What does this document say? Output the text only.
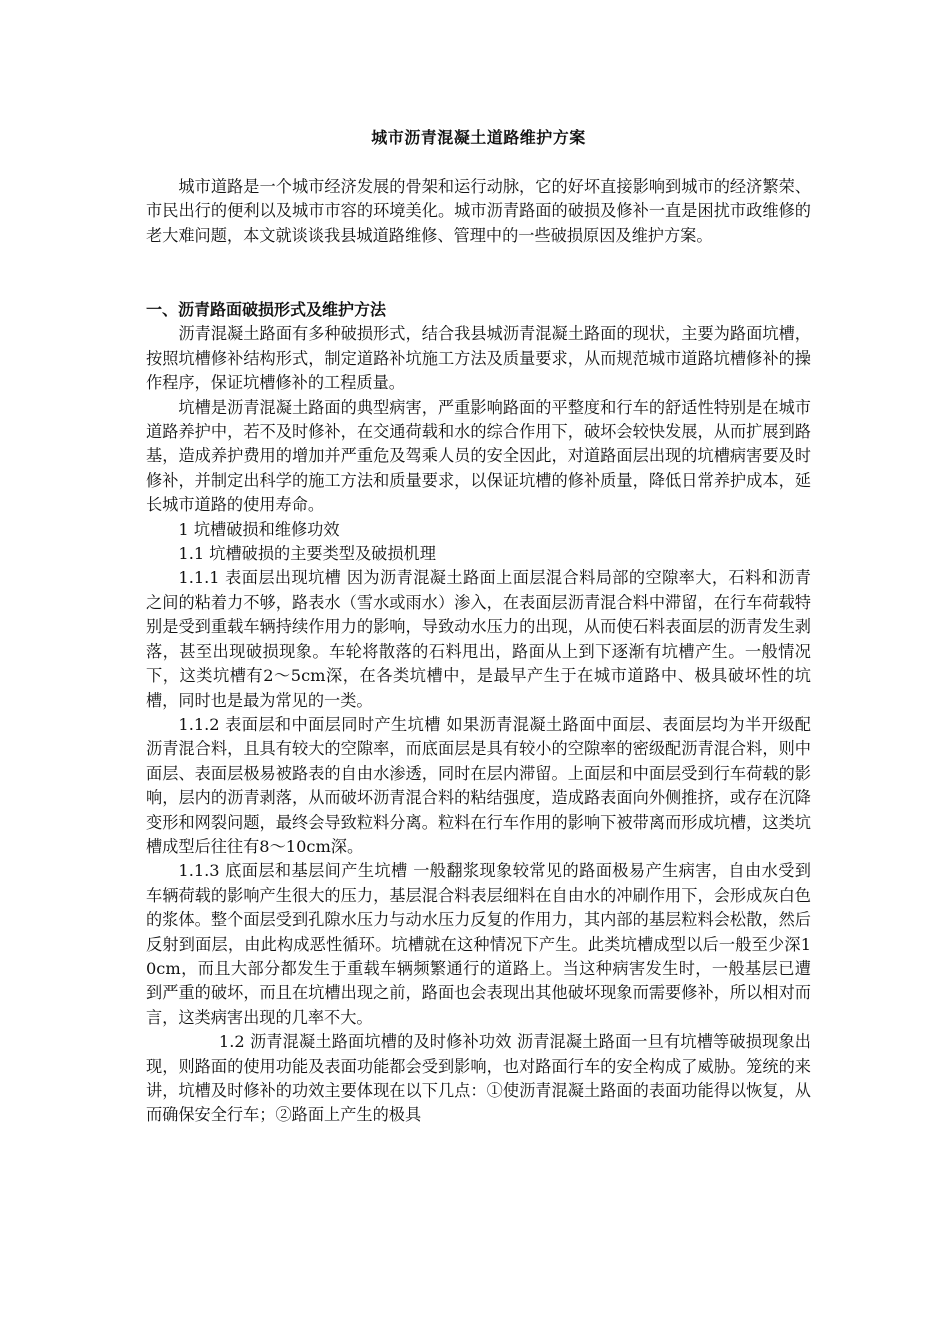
城市沥青混凝土道路维护方案

城市道路是一个城市经济发展的骨架和运行动脉，它的好坏直接影响到城市的经济繁荣、市民出行的便利以及城市市容的环境美化。城市沥青路面的破损及修补一直是困扰市政维修的老大难问题，本文就谈谈我县城道路维修、管理中的一些破损原因及维护方案。

一、沥青路面破损形式及维护方法

沥青混凝土路面有多种破损形式，结合我县城沥青混凝土路面的现状，主要为路面坑槽，按照坑槽修补结构形式，制定道路补坑施工方法及质量要求，从而规范城市道路坑槽修补的操作程序，保证坑槽修补的工程质量。

坑槽是沥青混凝土路面的典型病害，严重影响路面的平整度和行车的舒适性特别是在城市道路养护中，若不及时修补，在交通荷载和水的综合作用下，破坏会较快发展，从而扩展到路基，造成养护费用的增加并严重危及驾乘人员的安全因此，对道路面层出现的坑槽病害要及时修补，并制定出科学的施工方法和质量要求，以保证坑槽的修补质量，降低日常养护成本，延长城市道路的使用寿命。

1 坑槽破损和维修功效

1.1 坑槽破损的主要类型及破损机理

1.1.1 表面层出现坑槽 因为沥青混凝土路面上面层混合料局部的空隙率大，石料和沥青之间的粘着力不够，路表水（雪水或雨水）渗入，在表面层沥青混合料中滞留，在行车荷载特别是受到重载车辆持续作用力的影响，导致动水压力的出现，从而使石料表面层的沥青发生剥落，甚至出现破损现象。车轮将散落的石料甩出，路面从上到下逐渐有坑槽产生。一般情况下，这类坑槽有2～5cm深，在各类坑槽中，是最早产生于在城市道路中、极具破坏性的坑槽，同时也是最为常见的一类。

1.1.2 表面层和中面层同时产生坑槽 如果沥青混凝土路面中面层、表面层均为半开级配沥青混合料，且具有较大的空隙率，而底面层是具有较小的空隙率的密级配沥青混合料，则中面层、表面层极易被路表的自由水渗透，同时在层内滞留。上面层和中面层受到行车荷载的影响，层内的沥青剥落，从而破坏沥青混合料的粘结强度，造成路表面向外侧推挤，或存在沉降变形和网裂问题，最终会导致粒料分离。粒料在行车作用的影响下被带离而形成坑槽，这类坑槽成型后往往有8～10cm深。

1.1.3 底面层和基层间产生坑槽 一般翻浆现象较常见的路面极易产生病害，自由水受到车辆荷载的影响产生很大的压力，基层混合料表层细料在自由水的冲刷作用下，会形成灰白色的浆体。整个面层受到孔隙水压力与动水压力反复的作用力，其内部的基层粒料会松散，然后反射到面层，由此构成恶性循环。坑槽就在这种情况下产生。此类坑槽成型以后一般至少深10cm，而且大部分都发生于重载车辆频繁通行的道路上。当这种病害发生时，一般基层已遭到严重的破坏，而且在坑槽出现之前，路面也会表现出其他破坏现象而需要修补，所以相对而言，这类病害出现的几率不大。

1.2 沥青混凝土路面坑槽的及时修补功效 沥青混凝土路面一旦有坑槽等破损现象出现，则路面的使用功能及表面功能都会受到影响，也对路面行车的安全构成了威胁。笼统的来讲，坑槽及时修补的功效主要体现在以下几点：①使沥青混凝土路面的表面功能得以恢复，从而确保安全行车；②路面上产生的极具
